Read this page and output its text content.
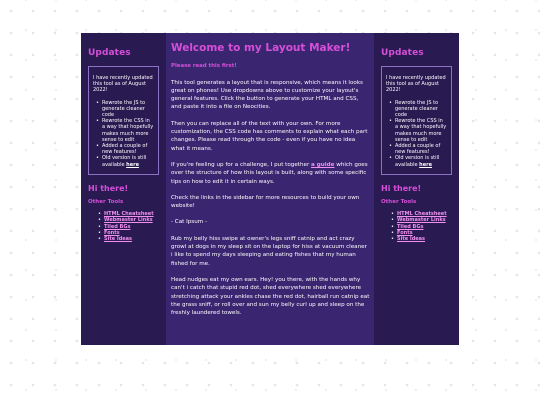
Updates

I have recently updated this tool as of August 2022!

• Rewrote the JS to generate cleaner code
• Rewrote the CSS in a way that hopefully makes much more sense to edit
• Added a couple of new features!
• Old version is still available here
Hi there!
Other Tools
• HTML Cheatsheet
• Webmaster Links
• Tiled BGs
• Fonts
• Site Ideas
Welcome to my Layout Maker!

Please read this first!

This tool generates a layout that is responsive, which means it looks great on phones! Use dropdowns above to customize your layout's general features. Click the button to generate your HTML and CSS, and paste it into a file on Neocities.

Then you can replace all of the text with your own. For more customization, the CSS code has comments to explain what each part changes. Please read through the code - even if you have no idea what it means.

If you're feeling up for a challenge, I put together a guide which goes over the structure of how this layout is built, along with some specific tips on how to edit it in certain ways.

Check the links in the sidebar for more resources to build your own website!

- Cat Ipsum -

Rub my belly hiss swipe at owner's legs sniff catnip and act crazy growl at dogs in my sleep sit on the laptop for hiss at vacuum cleaner i like to spend my days sleeping and eating fishes that my human fished for me.

Head nudges eat my own ears. Hey! you there, with the hands why can't i catch that stupid red dot, shed everywhere shed everywhere stretching attack your ankles chase the red dot, hairball run catnip eat the grass sniff, or roll over and sun my belly curl up and sleep on the freshly laundered towels.

Updates

I have recently updated this tool as of August 2022!

• Rewrote the JS to generate cleaner code
• Rewrote the CSS in a way that hopefully makes much more sense to edit
• Added a couple of new features!
• Old version is still available here
Hi there!
Other Tools
• HTML Cheatsheet
• Webmaster Links
• Tiled BGs
• Fonts
• Site Ideas
